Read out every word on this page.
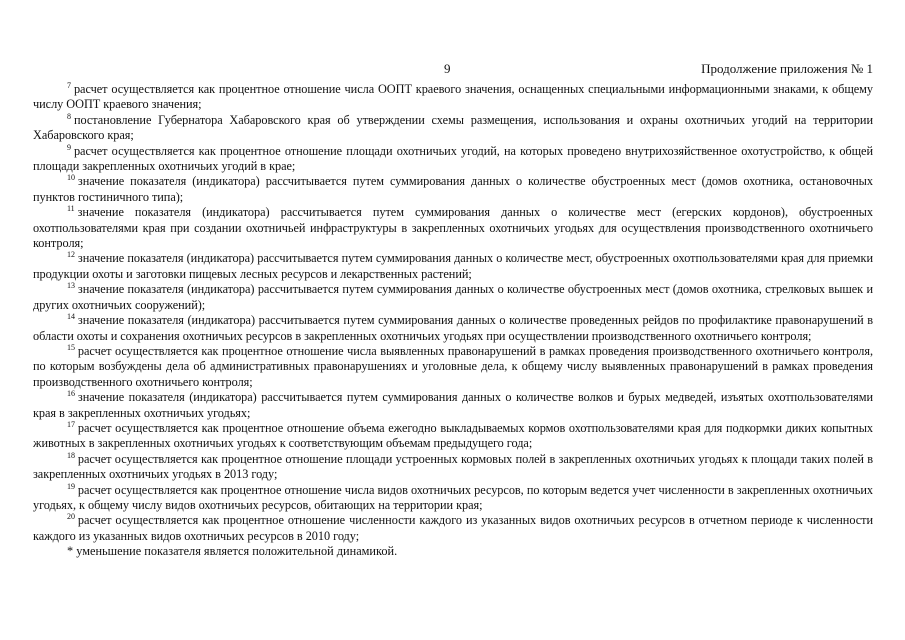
9	Продолжение приложения № 1

$^7$ расчет осуществляется как процентное отношение числа ООПТ краевого значения, оснащенных специальными информационными знаками, к общему числу ООПТ краевого значения;

$^8$ постановление Губернатора Хабаровского края об утверждении схемы размещения, использования и охраны охотничьих угодий на территории Хабаровского края;

$^9$ расчет осуществляется как процентное отношение площади охотничьих угодий, на которых проведено внутрихозяйственное охотустройство, к общей площади закрепленных охотничьих угодий в крае;

$^{10}$ значение показателя (индикатора) рассчитывается путем суммирования данных о количестве обустроенных мест (домов охотника, остановочных пунктов гостиничного типа);

$^{11}$ значение показателя (индикатора) рассчитывается путем суммирования данных о количестве мест (егерских кордонов), обустроенных охотпользователями края при создании охотничьей инфраструктуры в закрепленных охотничьих угодьях для осуществления производственного охотничьего контроля;

$^{12}$ значение показателя (индикатора) рассчитывается путем суммирования данных о количестве мест, обустроенных охотпользователями края для приемки продукции охоты и заготовки пищевых лесных ресурсов и лекарственных растений;

$^{13}$ значение показателя (индикатора) рассчитывается путем суммирования данных о количестве обустроенных мест (домов охотника, стрелковых вышек и других охотничьих сооружений);

$^{14}$ значение показателя (индикатора) рассчитывается путем суммирования данных о количестве проведенных рейдов по профилактике правонарушений в области охоты и сохранения охотничьих ресурсов в закрепленных охотничьих угодьях при осуществлении производственного охотничьего контроля;

$^{15}$ расчет осуществляется как процентное отношение числа выявленных правонарушений в рамках проведения производственного охотничьего контроля, по которым возбуждены дела об административных правонарушениях и уголовные дела, к общему числу выявленных правонарушений в рамках проведения производственного охотничьего контроля;

$^{16}$ значение показателя (индикатора) рассчитывается путем суммирования данных о количестве волков и бурых медведей, изъятых охотпользователями края в закрепленных охотничьих угодьях;

$^{17}$ расчет осуществляется как процентное отношение объема ежегодно выкладываемых кормов охотпользователями края для подкормки диких копытных животных в закрепленных охотничьих угодьях к соответствующим объемам предыдущего года;

$^{18}$ расчет осуществляется как процентное отношение площади устроенных кормовых полей в закрепленных охотничьих угодьях к площади таких полей в закрепленных охотничьих угодьях в 2013 году;

$^{19}$ расчет осуществляется как процентное отношение числа видов охотничьих ресурсов, по которым ведется учет численности в закрепленных охотничьих угодьях, к общему числу видов охотничьих ресурсов, обитающих на территории края;

$^{20}$ расчет осуществляется как процентное отношение численности каждого из указанных видов охотничьих ресурсов в отчетном периоде к численности каждого из указанных видов охотничьих ресурсов в 2010 году;

* уменьшение показателя является положительной динамикой.
